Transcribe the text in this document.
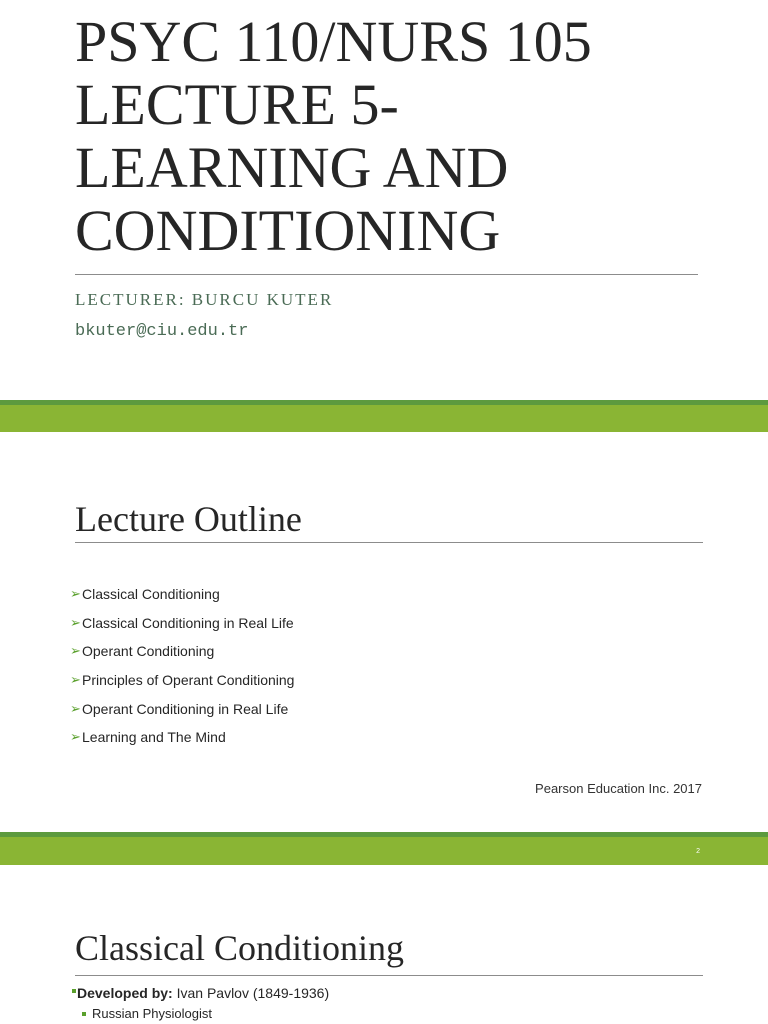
PSYC 110/NURS 105
LECTURE 5-
LEARNING AND
CONDITIONING
LECTURER: BURCU KUTER
bkuter@ciu.edu.tr
Lecture Outline
➢ Classical Conditioning
➢ Classical Conditioning in Real Life
➢ Operant Conditioning
➢ Principles of Operant Conditioning
➢ Operant Conditioning in Real Life
➢ Learning and The Mind
Pearson Education Inc. 2017
2
Classical Conditioning
Developed by: Ivan Pavlov (1849-1936)
Russian Physiologist
